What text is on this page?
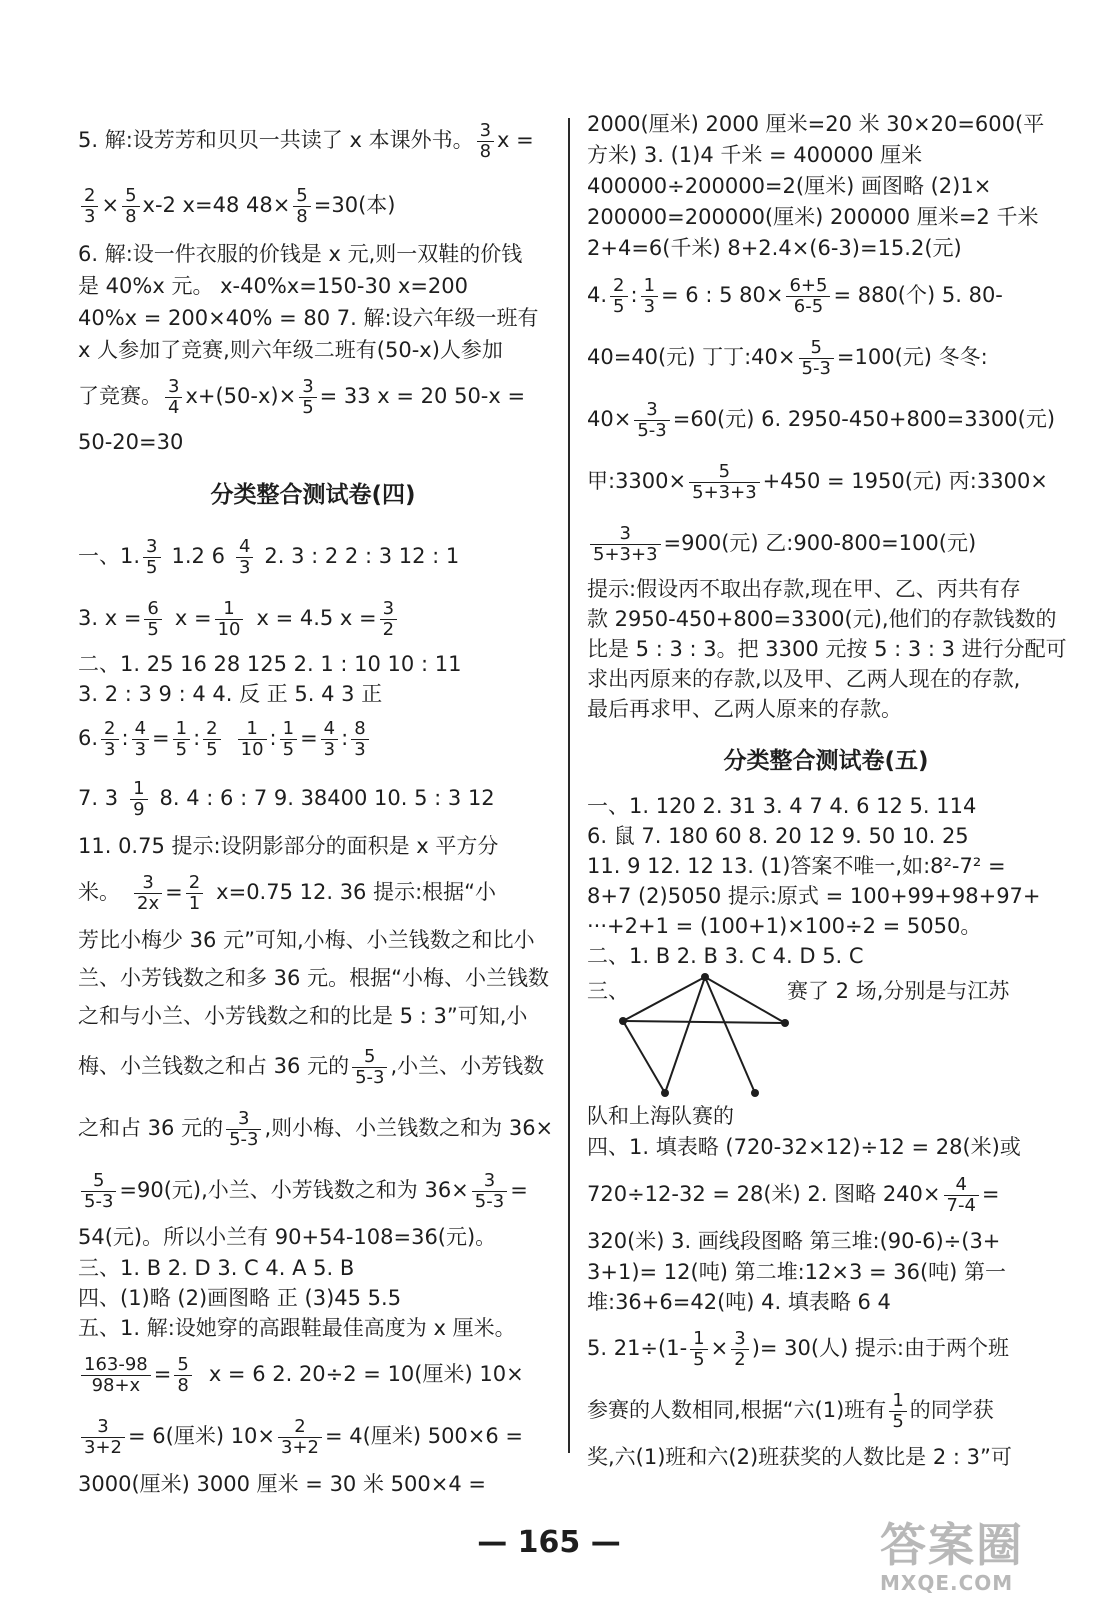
5. 解:设芳芳和贝贝一共读了 x 本课外书。 $\frac{3}{8}$ x =
$\frac{2}{3} \times \frac{5}{8} x-2$ x=48 $48\times \frac{5}{8} =30$(本)
6. 解:设一件衣服的价钱是 x 元,则一双鞋的价钱
是 40%x 元。 x-40%x=150-30 x=200
40%x = 200×40% = 80 7. 解:设六年级一班有
x 人参加了竞赛,则六年级二班有(50-x)人参加
了竞赛。 $\frac{3}{4} x+(50-x)\times \frac{3}{5} = 33$ x = 20 50-x =
50-20=30
分类整合测试卷(四)
一、1. $\frac{3}{5} 1.2$ $6 \frac{4}{3} 2$. 3 : 2 2 : 3 12 : 1
3. $x = \frac{6}{5}$ $x = \frac{1}{10}$ x = 4.5 $x = \frac{3}{2}$
二、1. 25 16 28 125 2. 1 : 10 10 : 11
3. 2 : 3 9 : 4 4. 反 正 5. 4 3 正
6. $\frac{2}{3}$ : $\frac{4}{3} = \frac{1}{5}$ : $\frac{2}{5} \frac{1}{10}$ : $\frac{1}{5} = \frac{4}{3}$ : $\frac{8}{3}$
7. $3 \frac{1}{9} 8$. 4 : 6 : 7 9. 38400 10. 5 : 3 12
11. 0.75 提示:设阴影部分的面积是 x 平方分
米。 $\frac{3}{2x} = \frac{2}{1} x=0.75$ 12. 36 提示:根据“小
芳比小梅少 36 元”可知,小梅、小兰钱数之和比小
兰、小芳钱数之和多 36 元。根据“小梅、小兰钱数
之和与小兰、小芳钱数之和的比是 5 : 3”可知,小
梅、小兰钱数之和占 36 元的 $\frac{5}{5-3}$ ,小兰、小芳钱数
之和占 36 元的 $\frac{3}{5-3}$ ,则小梅、小兰钱数之和为 36×
$\frac{5}{5-3} =90$(元),小兰、小芳钱数之和为 $36\times \frac{3}{5-3}$ =
54(元)。所以小兰有 90+54-108=36(元)。
三、1. B 2. D 3. C 4. A 5. B
四、(1)略 (2)画图略 正 (3)45 5.5
五、1. 解:设她穿的高跟鞋最佳高度为 x 厘米。
$\frac{163-98}{98+x} = \frac{5}{8}$ x = 6 2. 20÷2 = 10(厘米) 10×
$\frac{3}{3+2} = 6$(厘米) $10\times \frac{2}{3+2} = 4$(厘米) 500×6 =
3000(厘米) 3000 厘米 = 30 米 500×4 =
2000(厘米) 2000 厘米=20 米 30×20=600(平
方米) 3. (1)4 千米 = 400000 厘米
400000÷200000=2(厘米) 画图略 (2)1×
200000=200000(厘米) 200000 厘米=2 千米
2+4=6(千米) 8+2.4×(6-3)=15.2(元)
4. $\frac{2}{5}$ : $\frac{1}{3} = 6$ : 5 $80\times \frac{6+5}{6-5} = 880$(个) 5. 80-
40=40(元) 丁丁:40× $\frac{5}{5-3} =100$(元) 冬冬:
$40\times \frac{3}{5-3} =60$(元) 6. 2950-450+800=3300(元)
甲:3300× $\frac{5}{5+3+3} +450 = 1950$(元) 丙:3300×
$\frac{3}{5+3+3} =900$(元) 乙:900-800=100(元)
提示:假设丙不取出存款,现在甲、乙、丙共有存
款 2950-450+800=3300(元),他们的存款钱数的
比是 5 : 3 : 3。把 3300 元按 5 : 3 : 3 进行分配可
求出丙原来的存款,以及甲、乙两人现在的存款,
最后再求甲、乙两人原来的存款。
分类整合测试卷(五)
一、1. 120 2. 31 3. 4 7 4. 6 12 5. 114
6. 鼠 7. 180 60 8. 20 12 9. 50 10. 25
11. 9 12. 12 13. (1)答案不唯一,如:8²-7² =
8+7 (2)5050 提示:原式 = 100+99+98+97+
···+2+1 = (100+1)×100÷2 = 5050。
二、1. B 2. B 3. C 4. D 5. C
三、	赛了 2 场,分别是与江苏
队和上海队赛的
四、1. 填表略 (720-32×12)÷12 = 28(米)或
720÷12-32 = 28(米) 2. 图略 $240\times \frac{4}{7-4}$ =
320(米) 3. 画线段图略 第三堆:(90-6)÷(3+
3+1)= 12(吨) 第二堆:12×3 = 36(吨) 第一
堆:36+6=42(吨) 4. 填表略 6 4
5. $21\div(1- \frac{1}{5} \times \frac{3}{2}$ )= 30(人) 提示:由于两个班
参赛的人数相同,根据“六(1)班有 $\frac{1}{5}$ 的同学获
奖,六(1)班和六(2)班获奖的人数比是 2 : 3”可
— 165 —	答案圈
MXQE.COM
